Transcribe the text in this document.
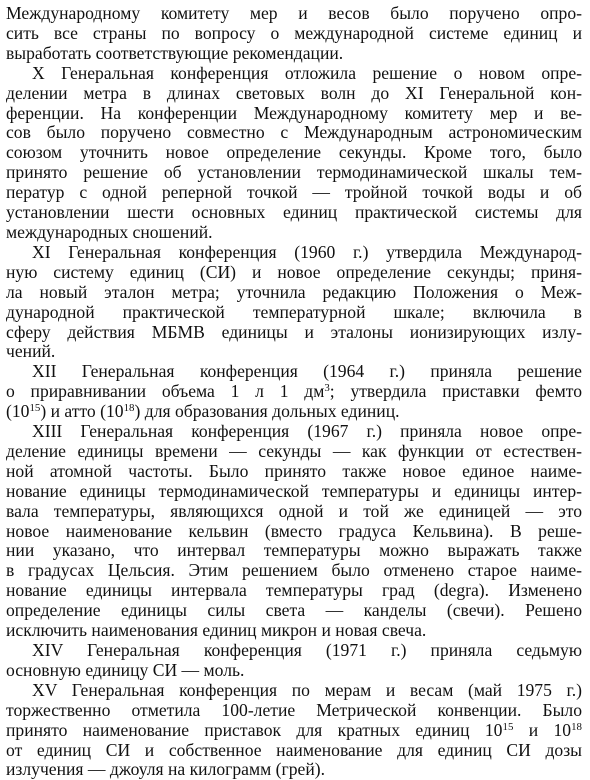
Международному комитету мер и весов было поручено опро-
сить все страны по вопросу о международной системе единиц и
выработать соответствующие рекомендации.
X Генеральная конференция отложила решение о новом опре-
делении метра в длинах световых волн до XI Генеральной кон-
ференции. На конференции Международному комитету мер и ве-
сов было поручено совместно с Международным астрономическим
союзом уточнить новое определение секунды. Кроме того, было
принято решение об установлении термодинамической шкалы тем-
ператур с одной реперной точкой — тройной точкой воды и об
установлении шести основных единиц практической системы для
международных сношений.
XI Генеральная конференция (1960 г.) утвердила Международ-
ную систему единиц (СИ) и новое определение секунды; приня-
ла новый эталон метра; уточнила редакцию Положения о Меж-
дународной практической температурной шкале; включила в
сферу действия МБМВ единицы и эталоны ионизирующих излу-
чений.
XII Генеральная конференция (1964 г.) приняла решение
о приравнивании объема 1 л 1 $дм^3$; утвердила приставки фемто
$(10^{15})$ и атто $(10^{18})$ для образования дольных единиц.
XIII Генеральная конференция (1967 г.) приняла новое опре-
деление единицы времени — секунды — как функции от естествен-
ной атомной частоты. Было принято также новое единое наиме-
нование единицы термодинамической температуры и единицы интер-
вала температуры, являющихся одной и той же единицей — это
новое наименование кельвин (вместо градуса Кельвина). В реше-
нии указано, что интервал температуры можно выражать также
в градусах Цельсия. Этим решением было отменено старое наиме-
нование единицы интервала температуры град (degra). Изменено
определение единицы силы света — канделы (свечи). Решено
исключить наименования единиц микрон и новая свеча.
XIV Генеральная конференция (1971 г.) приняла седьмую
основную единицу СИ — моль.
XV Генеральная конференция по мерам и весам (май 1975 г.)
торжественно отметила 100-летие Метрической конвенции. Было
принято наименование приставок для кратных единиц $10^{15}$ и $10^{18}$
от единиц СИ и собственное наименование для единиц СИ дозы
излучения — джоуля на килограмм (грей).
